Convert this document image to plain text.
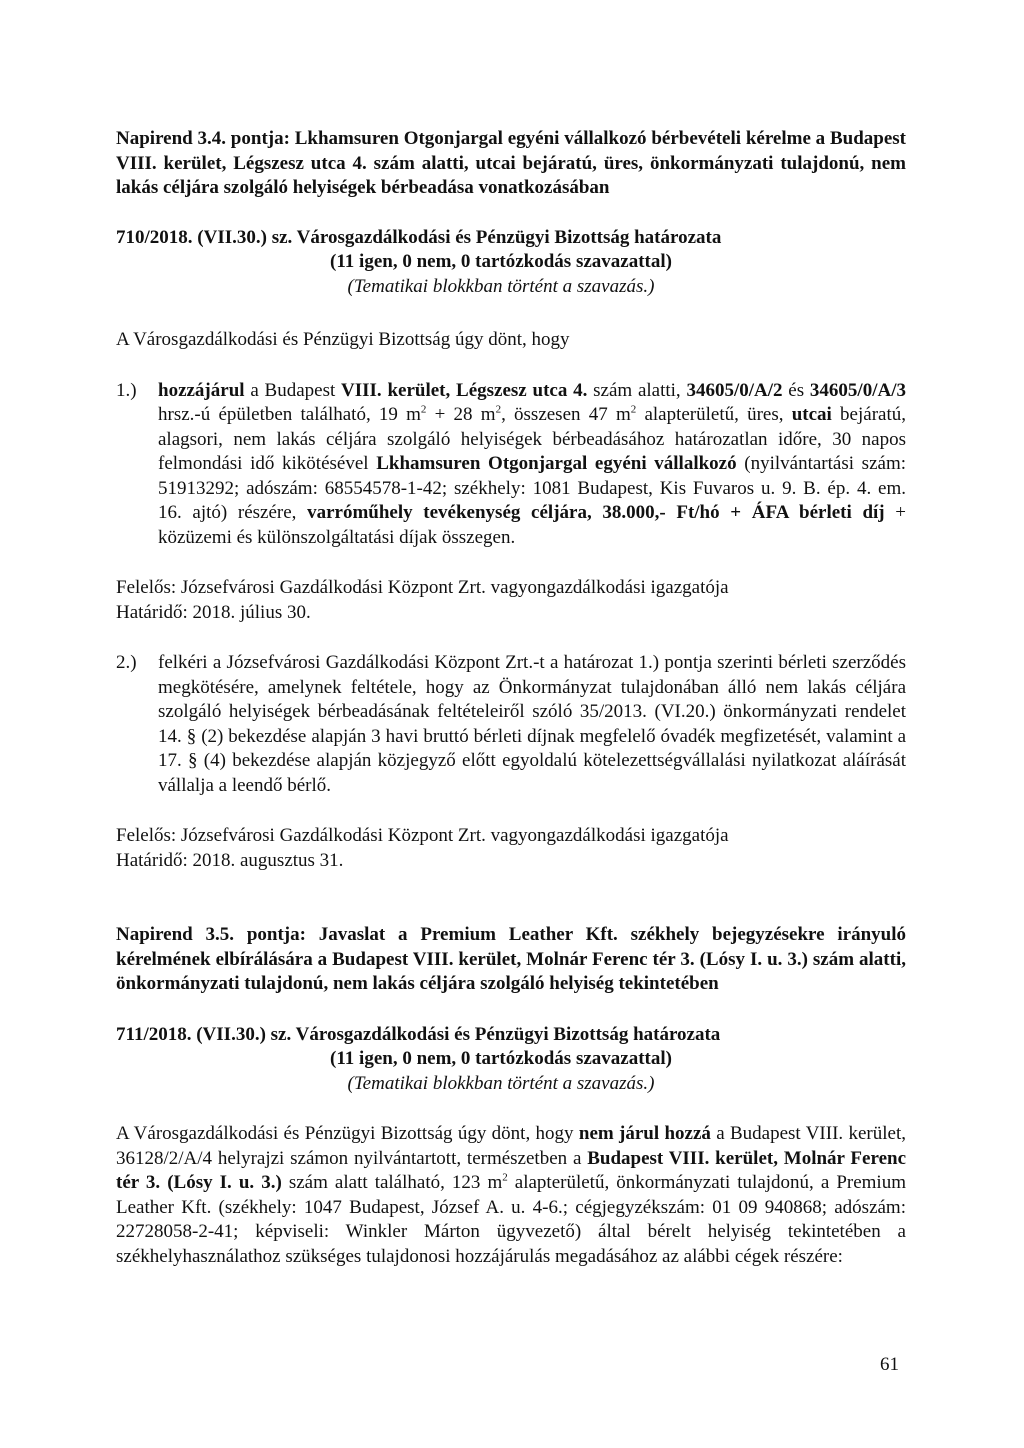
Napirend 3.4. pontja: Lkhamsuren Otgonjargal egyéni vállalkozó bérbevételi kérelme a Budapest VIII. kerület, Légszesz utca 4. szám alatti, utcai bejáratú, üres, önkormányzati tulajdonú, nem lakás céljára szolgáló helyiségek bérbeadása vonatkozásában

710/2018. (VII.30.) sz. Városgazdálkodási és Pénzügyi Bizottság határozata

(11 igen, 0 nem, 0 tartózkodás szavazattal)

(Tematikai blokkban történt a szavazás.)

A Városgazdálkodási és Pénzügyi Bizottság úgy dönt, hogy

1.)	hozzájárul a Budapest VIII. kerület, Légszesz utca 4. szám alatti, 34605/0/A/2 és 34605/0/A/3 hrsz.-ú épületben található, 19 $m^2 + 28$ $m^2$, összesen 47 $m^2$ alapterületű, üres, utcai bejáratú, alagsori, nem lakás céljára szolgáló helyiségek bérbeadásához határozatlan időre, 30 napos felmondási idő kikötésével Lkhamsuren Otgonjargal egyéni vállalkozó (nyilvántartási szám: 51913292; adószám: 68554578-1-42; székhely: 1081 Budapest, Kis Fuvaros u. 9. B. ép. 4. em. 16. ajtó) részére, varróműhely tevékenység céljára, 38.000,- Ft/hó + ÁFA bérleti díj + közüzemi és különszolgáltatási díjak összegen.

Felelős: Józsefvárosi Gazdálkodási Központ Zrt. vagyongazdálkodási igazgatója

Határidő: 2018. július 30.

2.)	felkéri a Józsefvárosi Gazdálkodási Központ Zrt.-t a határozat 1.) pontja szerinti bérleti szerződés megkötésére, amelynek feltétele, hogy az Önkormányzat tulajdonában álló nem lakás céljára szolgáló helyiségek bérbeadásának feltételeiről szóló 35/2013. (VI.20.) önkormányzati rendelet 14. § (2) bekezdése alapján 3 havi bruttó bérleti díjnak megfelelő óvadék megfizetését, valamint a 17. § (4) bekezdése alapján közjegyző előtt egyoldalú kötelezettségvállalási nyilatkozat aláírását vállalja a leendő bérlő.

Felelős: Józsefvárosi Gazdálkodási Központ Zrt. vagyongazdálkodási igazgatója

Határidő: 2018. augusztus 31.

Napirend 3.5. pontja: Javaslat a Premium Leather Kft. székhely bejegyzésekre irányuló kérelmének elbírálására a Budapest VIII. kerület, Molnár Ferenc tér 3. (Lósy I. u. 3.) szám alatti, önkormányzati tulajdonú, nem lakás céljára szolgáló helyiség tekintetében

711/2018. (VII.30.) sz. Városgazdálkodási és Pénzügyi Bizottság határozata

(11 igen, 0 nem, 0 tartózkodás szavazattal)

(Tematikai blokkban történt a szavazás.)

A Városgazdálkodási és Pénzügyi Bizottság úgy dönt, hogy nem járul hozzá a Budapest VIII. kerület, 36128/2/A/4 helyrajzi számon nyilvántartott, természetben a Budapest VIII. kerület, Molnár Ferenc tér 3. (Lósy I. u. 3.) szám alatt található, 123 $m^2$ alapterületű, önkormányzati tulajdonú, a Premium Leather Kft. (székhely: 1047 Budapest, József A. u. 4-6.; cégjegyzékszám: 01 09 940868; adószám: 22728058-2-41; képviseli: Winkler Márton ügyvezető) által bérelt helyiség tekintetében a székhelyhasználathoz szükséges tulajdonosi hozzájárulás megadásához az alábbi cégek részére:

61
